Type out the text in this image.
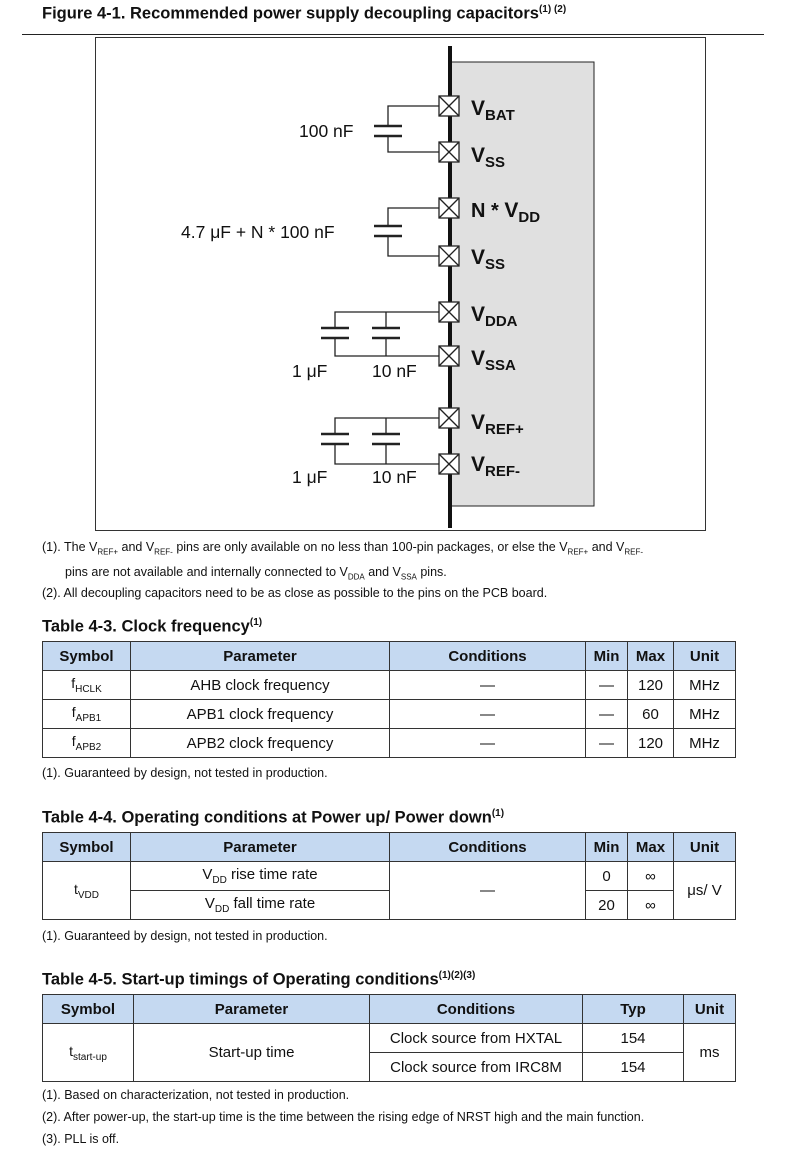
Figure 4-1. Recommended power supply decoupling capacitors$^{(1) (2)}$
100 nF
4.7 μF + N * 100 nF
1 μF	10 nF
1 μF	10 nF
$V_{BAT}$
$V_{SS}$
N * $V_{DD}$
$V_{SS}$
$V_{DDA}$
$V_{SSA}$
$V_{REF+}$
$V_{REF-}$
(1). The $V_{REF+}$ and $V_{REF-}$ pins are only available on no less than 100-pin packages, or else the $V_{REF+}$ and $V_{REF-}$
pins are not available and internally connected to $V_{DDA}$ and $V_{SSA}$ pins.
(2). All decoupling capacitors need to be as close as possible to the pins on the PCB board.
Table 4-3. Clock frequency$^{(1)}$
Symbol	Parameter	Conditions	Min	Max	Unit
$f_{HCLK}$	AHB clock frequency	—	—	120	MHz
$f_{APB1}$	APB1 clock frequency	—	—	60	MHz
$f_{APB2}$	APB2 clock frequency	—	—	120	MHz
(1). Guaranteed by design, not tested in production.
Table 4-4. Operating conditions at Power up/ Power down$^{(1)}$
Symbol	Parameter	Conditions	Min	Max	Unit
$t_{VDD}$	$V_{DD}$ rise time rate	—	0	∞	μs/ V
	$V_{DD}$ fall time rate		20	∞	
(1). Guaranteed by design, not tested in production.
Table 4-5. Start-up timings of Operating conditions$^{(1)(2)(3)}$
Symbol	Parameter	Conditions	Typ	Unit
$t_{start-up}$	Start-up time	Clock source from HXTAL	154	ms
		Clock source from IRC8M	154	
(1). Based on characterization, not tested in production.
(2). After power-up, the start-up time is the time between the rising edge of NRST high and the main function.
(3). PLL is off.
